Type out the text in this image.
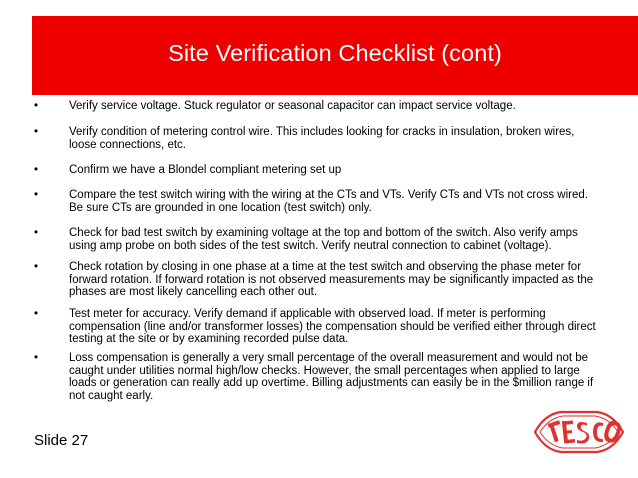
Site Verification Checklist (cont)
•	Verify service voltage. Stuck regulator or seasonal capacitor can impact service voltage.
•	Verify condition of metering control wire. This includes looking for cracks in insulation, broken wires, loose connections, etc.
•	Confirm we have a Blondel compliant metering set up
•	Compare the test switch wiring with the wiring at the CTs and VTs. Verify CTs and VTs not cross wired. Be sure CTs are grounded in one location (test switch) only.
•	Check for bad test switch by examining voltage at the top and bottom of the switch. Also verify amps using amp probe on both sides of the test switch. Verify neutral connection to cabinet (voltage).
•	Check rotation by closing in one phase at a time at the test switch and observing the phase meter for forward rotation. If forward rotation is not observed measurements may be significantly impacted as the phases are most likely cancelling each other out.
•	Test meter for accuracy. Verify demand if applicable with observed load. If meter is performing compensation (line and/or transformer losses) the compensation should be verified either through direct testing at the site or by examining recorded pulse data.
•	Loss compensation is generally a very small percentage of the overall measurement and would not be caught under utilities normal high/low checks. However, the small percentages when applied to large loads or generation can really add up overtime. Billing adjustments can easily be in the $million range if not caught early.
Slide 27
